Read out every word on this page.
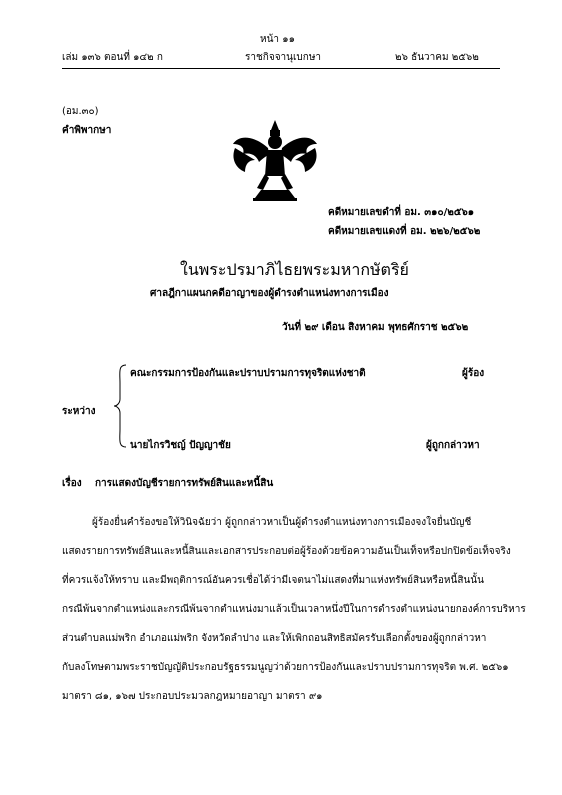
หน้า ๑๑
เล่ม ๑๓๖ ตอนที่ ๑๔๒ ก	ราชกิจจานุเบกษา	๒๖ ธันวาคม ๒๕๖๒
(อม.๓๐)
คำพิพากษา
คดีหมายเลขดำที่ อม. ๓๑๐/๒๕๖๑
คดีหมายเลขแดงที่ อม. ๒๒๖/๒๕๖๒
ในพระปรมาภิไธยพระมหากษัตริย์
ศาลฎีกาแผนกคดีอาญาของผู้ดำรงตำแหน่งทางการเมือง
วันที่ ๒๙ เดือน สิงหาคม พุทธศักราช ๒๕๖๒
คณะกรรมการป้องกันและปราบปรามการทุจริตแห่งชาติ	ผู้ร้อง
ระหว่าง
นายไกรวิชญ์ ปัญญาชัย	ผู้ถูกกล่าวหา
เรื่อง การแสดงบัญชีรายการทรัพย์สินและหนี้สิน
ผู้ร้องยื่นคำร้องขอให้วินิจฉัยว่า ผู้ถูกกล่าวหาเป็นผู้ดำรงตำแหน่งทางการเมืองจงใจยื่นบัญชี
แสดงรายการทรัพย์สินและหนี้สินและเอกสารประกอบต่อผู้ร้องด้วยข้อความอันเป็นเท็จหรือปกปิดข้อเท็จจริง
ที่ควรแจ้งให้ทราบ และมีพฤติการณ์อันควรเชื่อได้ว่ามีเจตนาไม่แสดงที่มาแห่งทรัพย์สินหรือหนี้สินนั้น
กรณีพ้นจากตำแหน่งและกรณีพ้นจากตำแหน่งมาแล้วเป็นเวลาหนึ่งปีในการดำรงตำแหน่งนายกองค์การบริหาร
ส่วนตำบลแม่พริก อำเภอแม่พริก จังหวัดลำปาง และให้เพิกถอนสิทธิสมัครรับเลือกตั้งของผู้ถูกกล่าวหา
กับลงโทษตามพระราชบัญญัติประกอบรัฐธรรมนูญว่าด้วยการป้องกันและปราบปรามการทุจริต พ.ศ. ๒๕๖๑
มาตรา ๘๑, ๑๖๗ ประกอบประมวลกฎหมายอาญา มาตรา ๙๑
